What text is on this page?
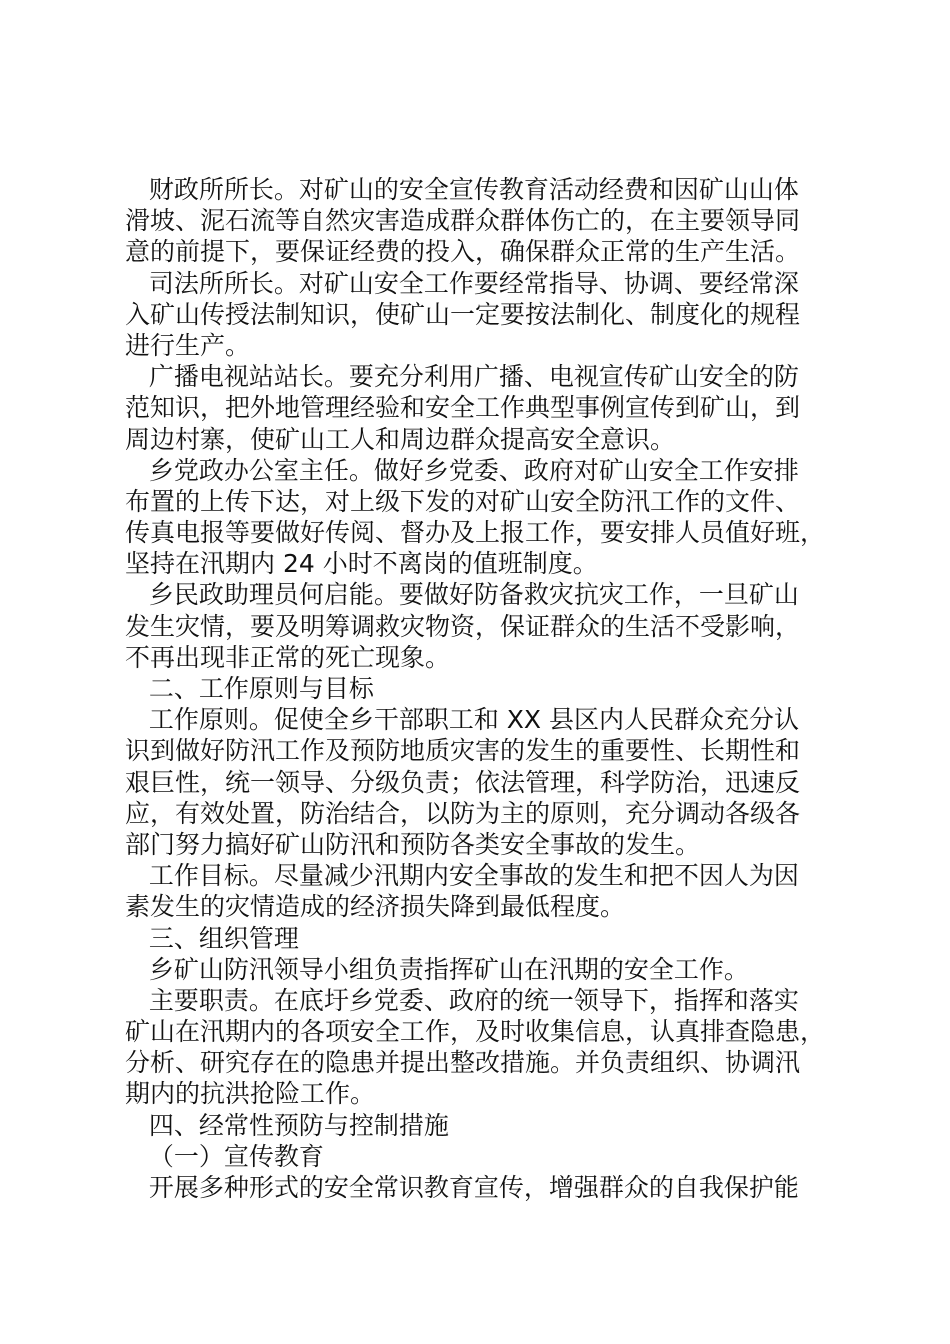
财政所所长。对矿山的安全宣传教育活动经费和因矿山山体
滑坡、泥石流等自然灾害造成群众群体伤亡的，在主要领导同
意的前提下，要保证经费的投入，确保群众正常的生产生活。
司法所所长。对矿山安全工作要经常指导、协调、要经常深
入矿山传授法制知识，使矿山一定要按法制化、制度化的规程
进行生产。
广播电视站站长。要充分利用广播、电视宣传矿山安全的防
范知识，把外地管理经验和安全工作典型事例宣传到矿山，到
周边村寨，使矿山工人和周边群众提高安全意识。
乡党政办公室主任。做好乡党委、政府对矿山安全工作安排
布置的上传下达，对上级下发的对矿山安全防汛工作的文件、
传真电报等要做好传阅、督办及上报工作，要安排人员值好班，
坚持在汛期内 24 小时不离岗的值班制度。
乡民政助理员何启能。要做好防备救灾抗灾工作，一旦矿山
发生灾情，要及明筹调救灾物资，保证群众的生活不受影响，
不再出现非正常的死亡现象。
二、工作原则与目标
工作原则。促使全乡干部职工和 XX 县区内人民群众充分认
识到做好防汛工作及预防地质灾害的发生的重要性、长期性和
艰巨性，统一领导、分级负责；依法管理，科学防治，迅速反
应，有效处置，防治结合，以防为主的原则，充分调动各级各
部门努力搞好矿山防汛和预防各类安全事故的发生。
工作目标。尽量减少汛期内安全事故的发生和把不因人为因
素发生的灾情造成的经济损失降到最低程度。
三、组织管理
乡矿山防汛领导小组负责指挥矿山在汛期的安全工作。
主要职责。在底圩乡党委、政府的统一领导下，指挥和落实
矿山在汛期内的各项安全工作，及时收集信息，认真排查隐患，
分析、研究存在的隐患并提出整改措施。并负责组织、协调汛
期内的抗洪抢险工作。
四、经常性预防与控制措施
（一）宣传教育
开展多种形式的安全常识教育宣传，增强群众的自我保护能
